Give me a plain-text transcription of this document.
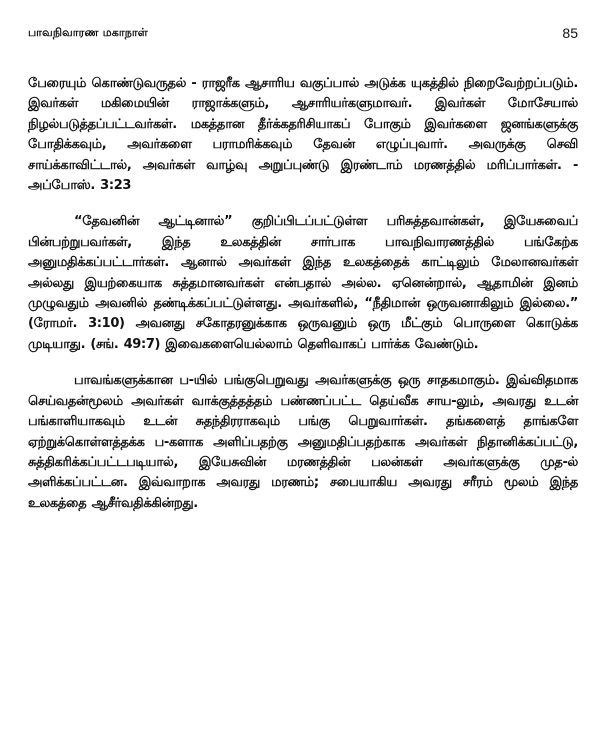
பாவநிவாரண மகாநாள்	85

பேரையும் கொண்டுவருதல் - ராஜரீக ஆசாரிய வகுப்பால் அடுக்க யுகத்தில் நிறைவேற்றப்படும். இவர்கள் மகிமையின் ராஜாக்களும், ஆசாரியர்களுமாவர். இவர்கள் மோசேயால் நிழல்படுத்தப்பட்டவர்கள். மகத்தான தீர்க்கதரிசியாகப் போகும் இவர்களை ஜனங்களுக்கு போதிக்கவும், அவர்களை பராமரிக்கவும் தேவன் எழுப்புவார். அவருக்கு செவி சாய்க்காவிட்டால், அவர்கள் வாழ்வு அறுப்புண்டு இரண்டாம் மரணத்தில் மரிப்பார்கள். - அப்போஸ். 3:23

“தேவனின் ஆட்டினால்” குறிப்பிடப்பட்டுள்ள பரிசுத்தவான்கள், இயேசுவைப் பின்பற்றுபவர்கள், இந்த உலகத்தின் சார்பாக பாவநிவாரணத்தில் பங்கேற்க அனுமதிக்கப்பட்டார்கள். ஆனால் அவர்கள் இந்த உலகத்தைக் காட்டிலும் மேலானவர்கள் அல்லது இயற்கையாக சுத்தமானவர்கள் என்பதால் அல்ல. ஏனென்றால், ஆதாமின் இனம் முழுவதும் அவனில் தண்டிக்கப்பட்டுள்ளது. அவர்களில், “நீதிமான் ஒருவனாகிலும் இல்லை.” (ரோமர். 3:10) அவனது சகோதரனுக்காக ஒருவனும் ஒரு மீட்கும் பொருளை கொடுக்க முடியாது. (சங். 49:7) இவைகளையெல்லாம் தெளிவாகப் பார்க்க வேண்டும்.

பாவங்களுக்கான ப-யில் பங்குபெறுவது அவர்களுக்கு ஒரு சாதகமாகும். இவ்விதமாக செய்வதன்மூலம் அவர்கள் வாக்குத்தத்தம் பண்ணப்பட்ட தெய்வீக சாய-லும், அவரது உடன் பங்காளியாகவும் உடன் சுதந்திரராகவும் பங்கு பெறுவார்கள். தங்களைத் தாங்களே ஏற்றுக்கொள்ளத்தக்க ப-களாக அளிப்பதற்கு அனுமதிப்பதற்காக அவர்கள் நிதானிக்கப்பட்டு, சுத்திகரிக்கப்பட்டபடியால், இயேசுவின் மரணத்தின் பலன்கள் அவர்களுக்கு முத-ல் அளிக்கப்பட்டன. இவ்வாறாக அவரது மரணம்; சபையாகிய அவரது சரீரம் மூலம் இந்த உலகத்தை ஆசீர்வதிக்கின்றது.
